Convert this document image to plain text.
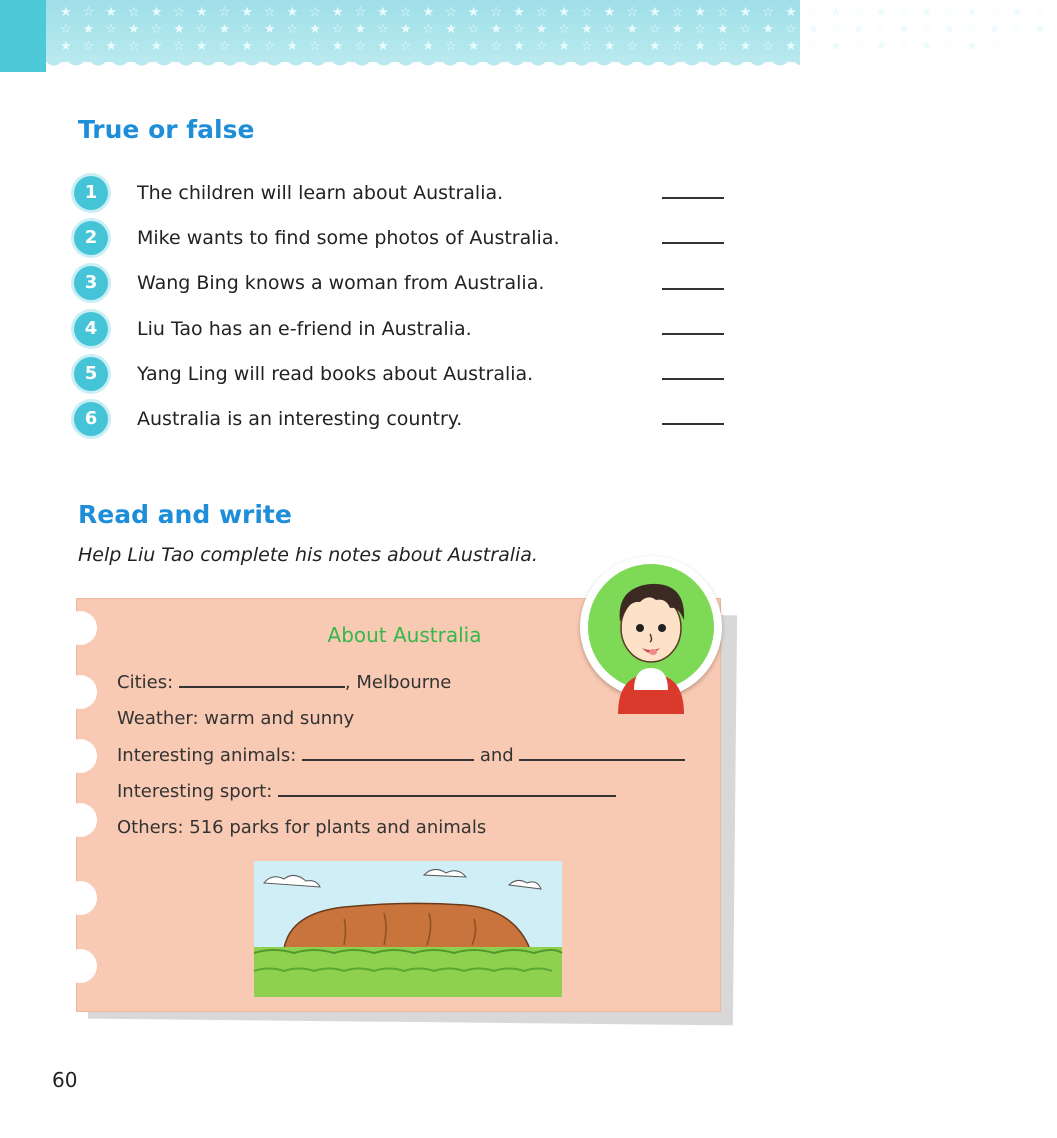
★☆★☆★☆★☆★☆★☆★☆★☆★☆★☆★☆★☆★☆★☆★☆★☆★☆★☆★☆★☆★☆★☆ ☆★☆★☆★☆★☆★☆★☆★☆★☆★☆★☆★☆★☆★☆★☆★☆★☆★☆★☆★☆★☆★☆★ ★☆★☆★☆★☆★☆★☆★☆★☆★☆★☆★☆★☆★☆★☆★☆★☆★☆★☆★☆★☆★☆
True or false
1	The children will learn about Australia.
2	Mike wants to find some photos of Australia.
3	Wang Bing knows a woman from Australia.
4	Liu Tao has an e-friend in Australia.
5	Yang Ling will read books about Australia.
6	Australia is an interesting country.
Read and write

Help Liu Tao complete his notes about Australia.

About Australia
Cities:	, Melbourne
Weather: warm and sunny
Interesting animals:	and
Interesting sport:
Others: 516 parks for plants and animals
60
